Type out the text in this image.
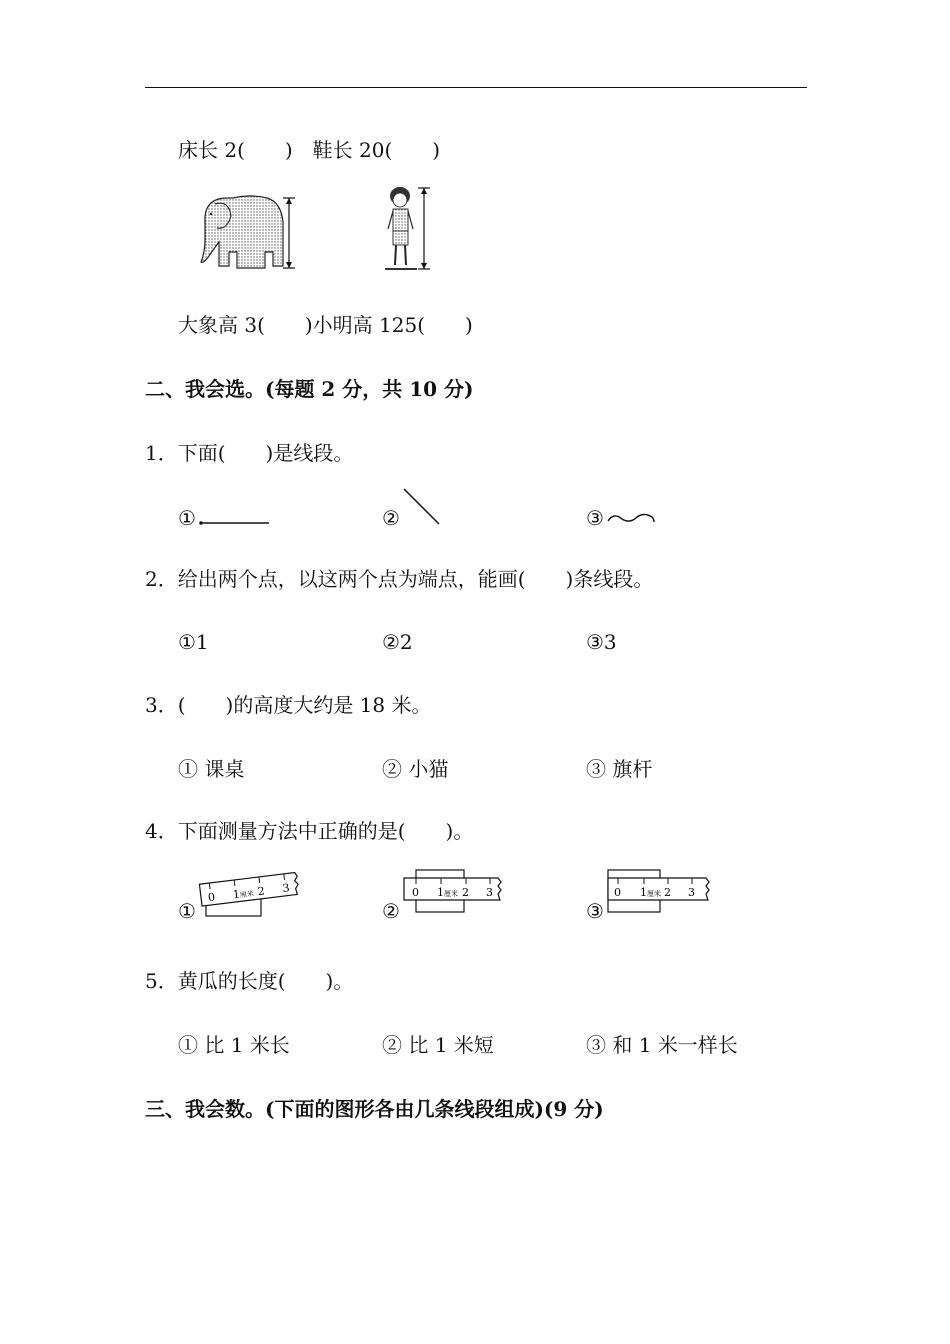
床长 2(　　)　鞋长 20(　　)
大象高 3(　　)小明高 125(　　)
二、我会选。(每题 2 分，共 10 分)
1．下面(　　)是线段。
①	②	③
2．给出两个点，以这两个点为端点，能画(　　)条线段。
①1	②2	③3
3．(　　)的高度大约是 18 米。
① 课桌	② 小猫	③ 旗杆
4．下面测量方法中正确的是(　　)。
①
0 1
厘米 2 3
②
0 1 厘米 2 3
③
0 1 厘米 2 3
5．黄瓜的长度(　　)。
① 比 1 米长	② 比 1 米短	③ 和 1 米一样长
三、我会数。(下面的图形各由几条线段组成)(9 分)
